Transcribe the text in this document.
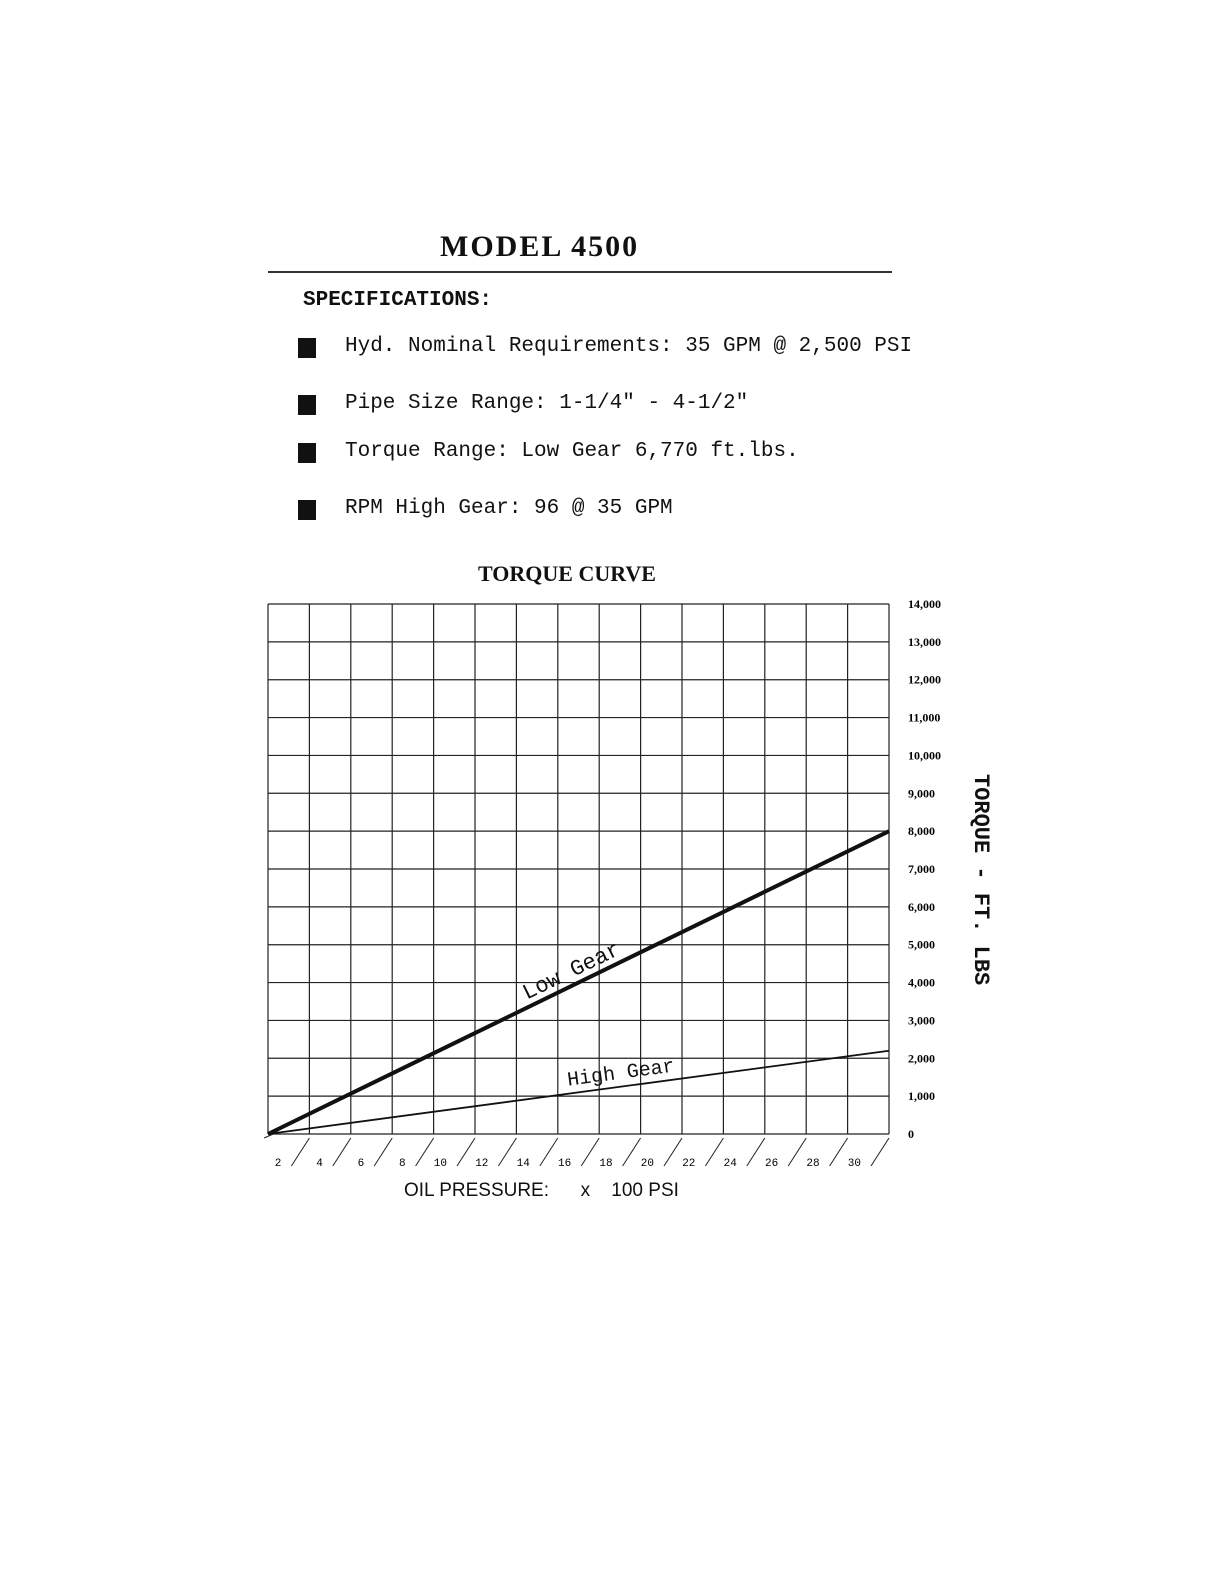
MODEL 4500
SPECIFICATIONS:
Hyd. Nominal Requirements: 35 GPM @ 2,500 PSI
Pipe Size Range: 1-1/4" - 4-1/2"
Torque Range: Low Gear 6,770 ft.lbs.
RPM High Gear: 96 @ 35 GPM
TORQUE CURVE
0
1,000
2,000
3,000
4,000
5,000
6,000
7,000
8,000
9,000
10,000
11,000
12,000
13,000
14,000
2	4	6	8	10	12	14	16	18	20	22	24	26	28	30
Low Gear
High Gear

OIL PRESSURE:      x    100 PSI

TORQUE - FT. LBS
